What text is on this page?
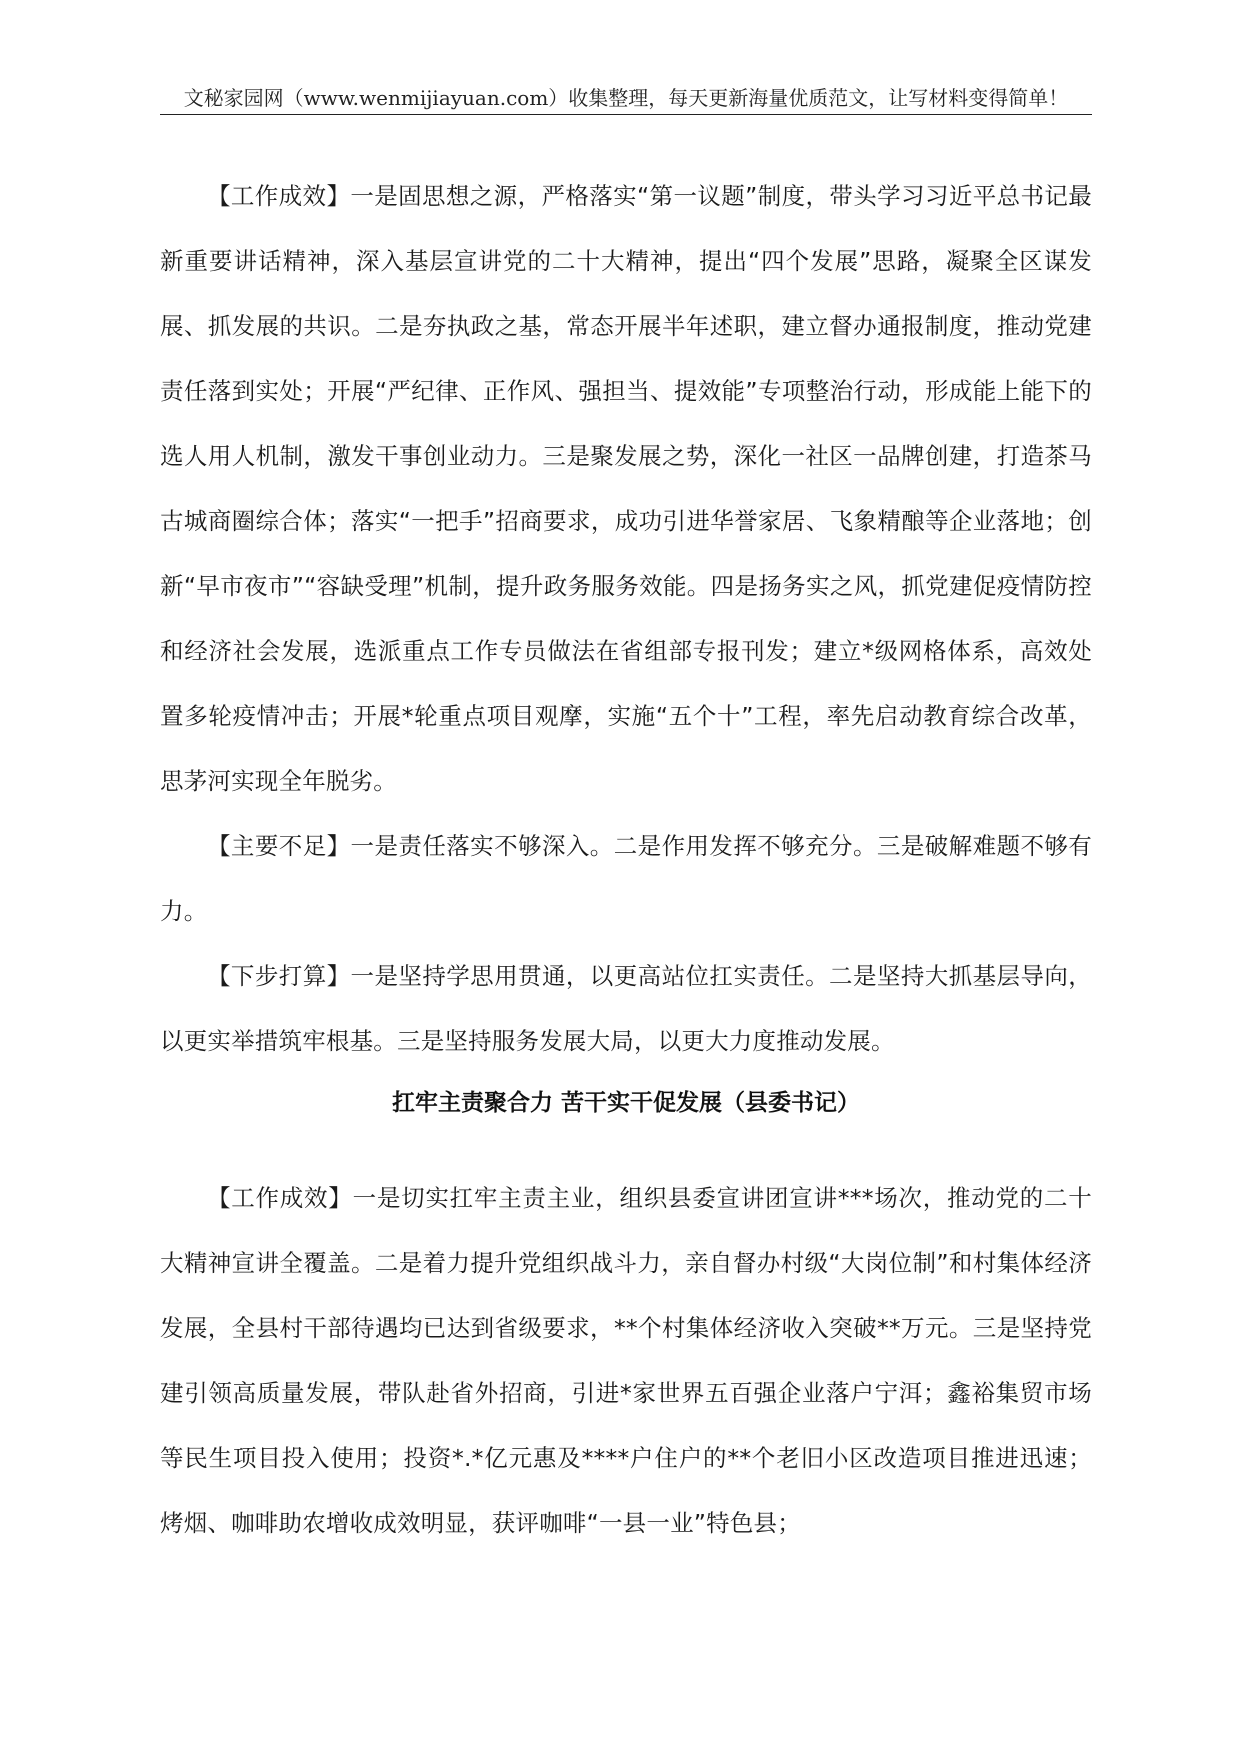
文秘家园网（www.wenmijiayuan.com）收集整理，每天更新海量优质范文，让写材料变得简单！

【工作成效】一是固思想之源，严格落实“第一议题”制度，带头学习习近平总书记最新重要讲话精神，深入基层宣讲党的二十大精神，提出“四个发展”思路，凝聚全区谋发展、抓发展的共识。二是夯执政之基，常态开展半年述职，建立督办通报制度，推动党建责任落到实处；开展“严纪律、正作风、强担当、提效能”专项整治行动，形成能上能下的选人用人机制，激发干事创业动力。三是聚发展之势，深化一社区一品牌创建，打造茶马古城商圈综合体；落实“一把手”招商要求，成功引进华誉家居、飞象精酿等企业落地；创新“早市夜市”“容缺受理”机制，提升政务服务效能。四是扬务实之风，抓党建促疫情防控和经济社会发展，选派重点工作专员做法在省组部专报刊发；建立*级网格体系，高效处置多轮疫情冲击；开展*轮重点项目观摩，实施“五个十”工程，率先启动教育综合改革，思茅河实现全年脱劣。

【主要不足】一是责任落实不够深入。二是作用发挥不够充分。三是破解难题不够有力。

【下步打算】一是坚持学思用贯通，以更高站位扛实责任。二是坚持大抓基层导向，以更实举措筑牢根基。三是坚持服务发展大局，以更大力度推动发展。

扛牢主责聚合力 苦干实干促发展（县委书记）

【工作成效】一是切实扛牢主责主业，组织县委宣讲团宣讲***场次，推动党的二十大精神宣讲全覆盖。二是着力提升党组织战斗力，亲自督办村级“大岗位制”和村集体经济发展，全县村干部待遇均已达到省级要求，**个村集体经济收入突破**万元。三是坚持党建引领高质量发展，带队赴省外招商，引进*家世界五百强企业落户宁洱；鑫裕集贸市场等民生项目投入使用；投资*.*亿元惠及****户住户的**个老旧小区改造项目推进迅速；烤烟、咖啡助农增收成效明显，获评咖啡“一县一业”特色县；
